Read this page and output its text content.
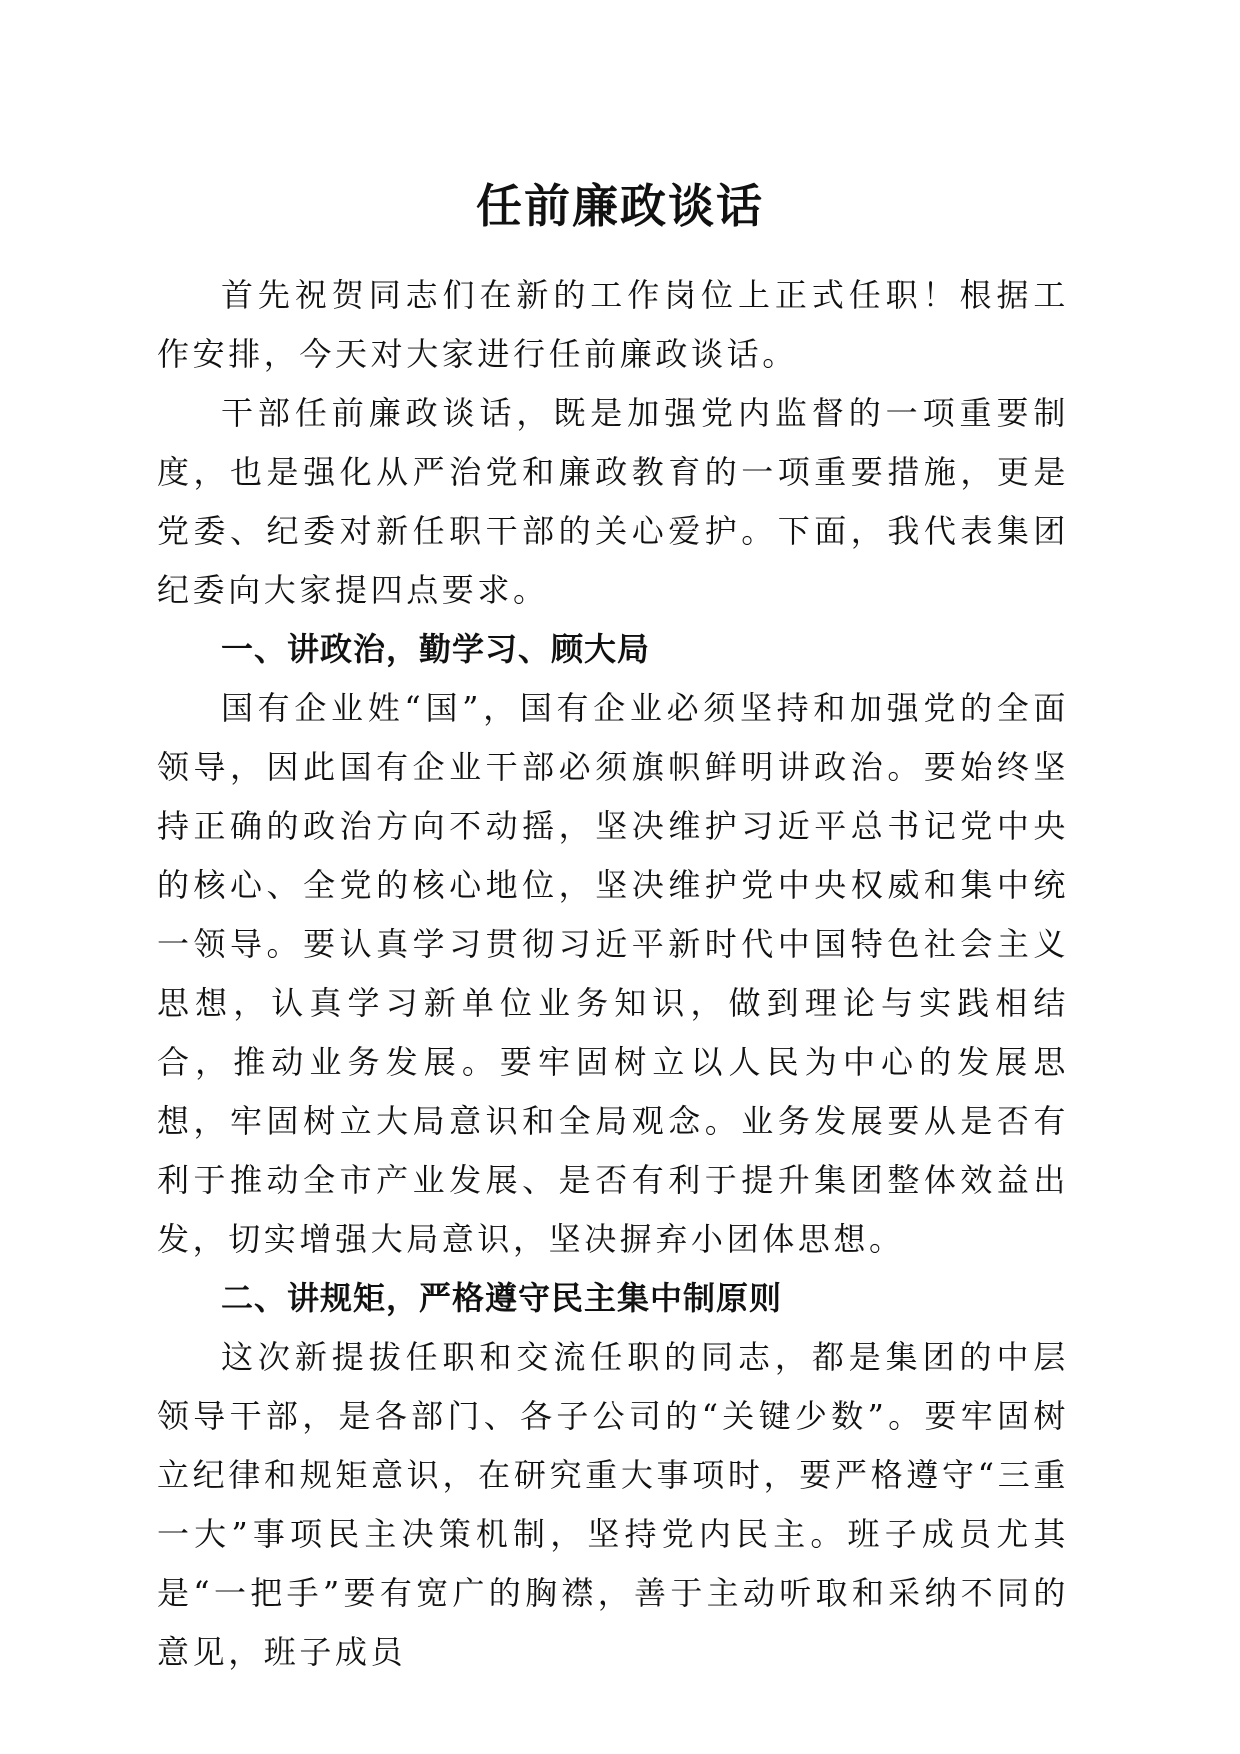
任前廉政谈话

首先祝贺同志们在新的工作岗位上正式任职！根据工作安排，今天对大家进行任前廉政谈话。

干部任前廉政谈话，既是加强党内监督的一项重要制度，也是强化从严治党和廉政教育的一项重要措施，更是党委、纪委对新任职干部的关心爱护。下面，我代表集团纪委向大家提四点要求。

一、讲政治，勤学习、顾大局

国有企业姓“国”，国有企业必须坚持和加强党的全面领导，因此国有企业干部必须旗帜鲜明讲政治。要始终坚持正确的政治方向不动摇，坚决维护习近平总书记党中央的核心、全党的核心地位，坚决维护党中央权威和集中统一领导。要认真学习贯彻习近平新时代中国特色社会主义思想，认真学习新单位业务知识，做到理论与实践相结合，推动业务发展。要牢固树立以人民为中心的发展思想，牢固树立大局意识和全局观念。业务发展要从是否有利于推动全市产业发展、是否有利于提升集团整体效益出发，切实增强大局意识，坚决摒弃小团体思想。

二、讲规矩，严格遵守民主集中制原则

这次新提拔任职和交流任职的同志，都是集团的中层领导干部，是各部门、各子公司的“关键少数”。要牢固树立纪律和规矩意识，在研究重大事项时，要严格遵守“三重一大”事项民主决策机制，坚持党内民主。班子成员尤其是“一把手”要有宽广的胸襟，善于主动听取和采纳不同的意见，班子成员
